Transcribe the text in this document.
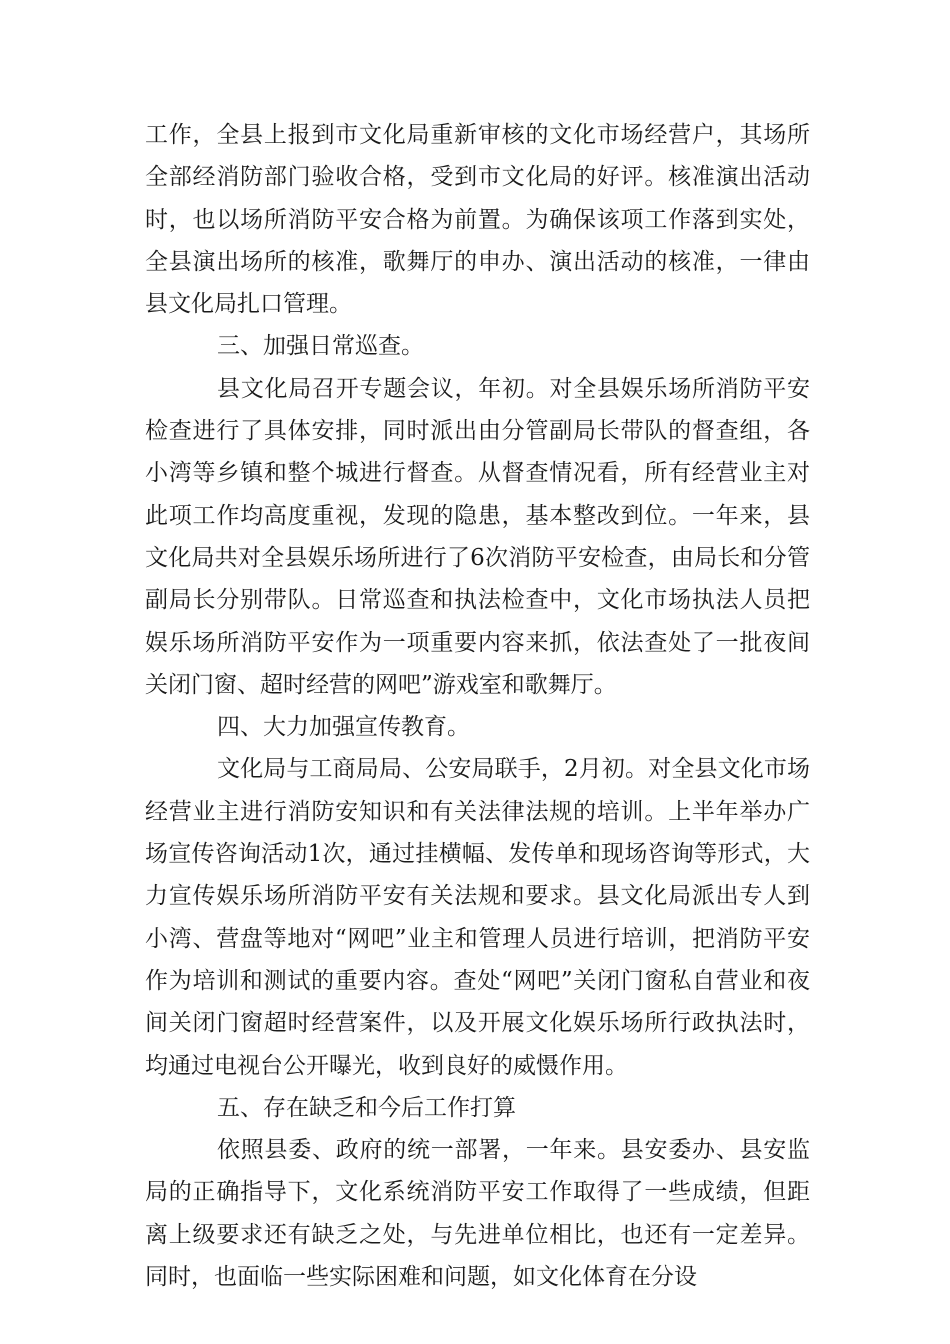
工作，全县上报到市文化局重新审核的文化市场经营户，其场所全部经消防部门验收合格，受到市文化局的好评。核准演出活动时，也以场所消防平安合格为前置。为确保该项工作落到实处，全县演出场所的核准，歌舞厅的申办、演出活动的核准，一律由县文化局扎口管理。

三、加强日常巡查。

县文化局召开专题会议，年初。对全县娱乐场所消防平安检查进行了具体安排，同时派出由分管副局长带队的督查组，各小湾等乡镇和整个城进行督查。从督查情况看，所有经营业主对此项工作均高度重视，发现的隐患，基本整改到位。一年来，县文化局共对全县娱乐场所进行了6次消防平安检查，由局长和分管副局长分别带队。日常巡查和执法检查中，文化市场执法人员把娱乐场所消防平安作为一项重要内容来抓，依法查处了一批夜间关闭门窗、超时经营的网吧”游戏室和歌舞厅。

四、大力加强宣传教育。

文化局与工商局局、公安局联手，2月初。对全县文化市场经营业主进行消防安知识和有关法律法规的培训。上半年举办广场宣传咨询活动1次，通过挂横幅、发传单和现场咨询等形式，大力宣传娱乐场所消防平安有关法规和要求。县文化局派出专人到小湾、营盘等地对“网吧”业主和管理人员进行培训，把消防平安作为培训和测试的重要内容。查处“网吧”关闭门窗私自营业和夜间关闭门窗超时经营案件，以及开展文化娱乐场所行政执法时，均通过电视台公开曝光，收到良好的威慑作用。

五、存在缺乏和今后工作打算

依照县委、政府的统一部署，一年来。县安委办、县安监局的正确指导下，文化系统消防平安工作取得了一些成绩，但距离上级要求还有缺乏之处，与先进单位相比，也还有一定差异。同时，也面临一些实际困难和问题，如文化体育在分设
